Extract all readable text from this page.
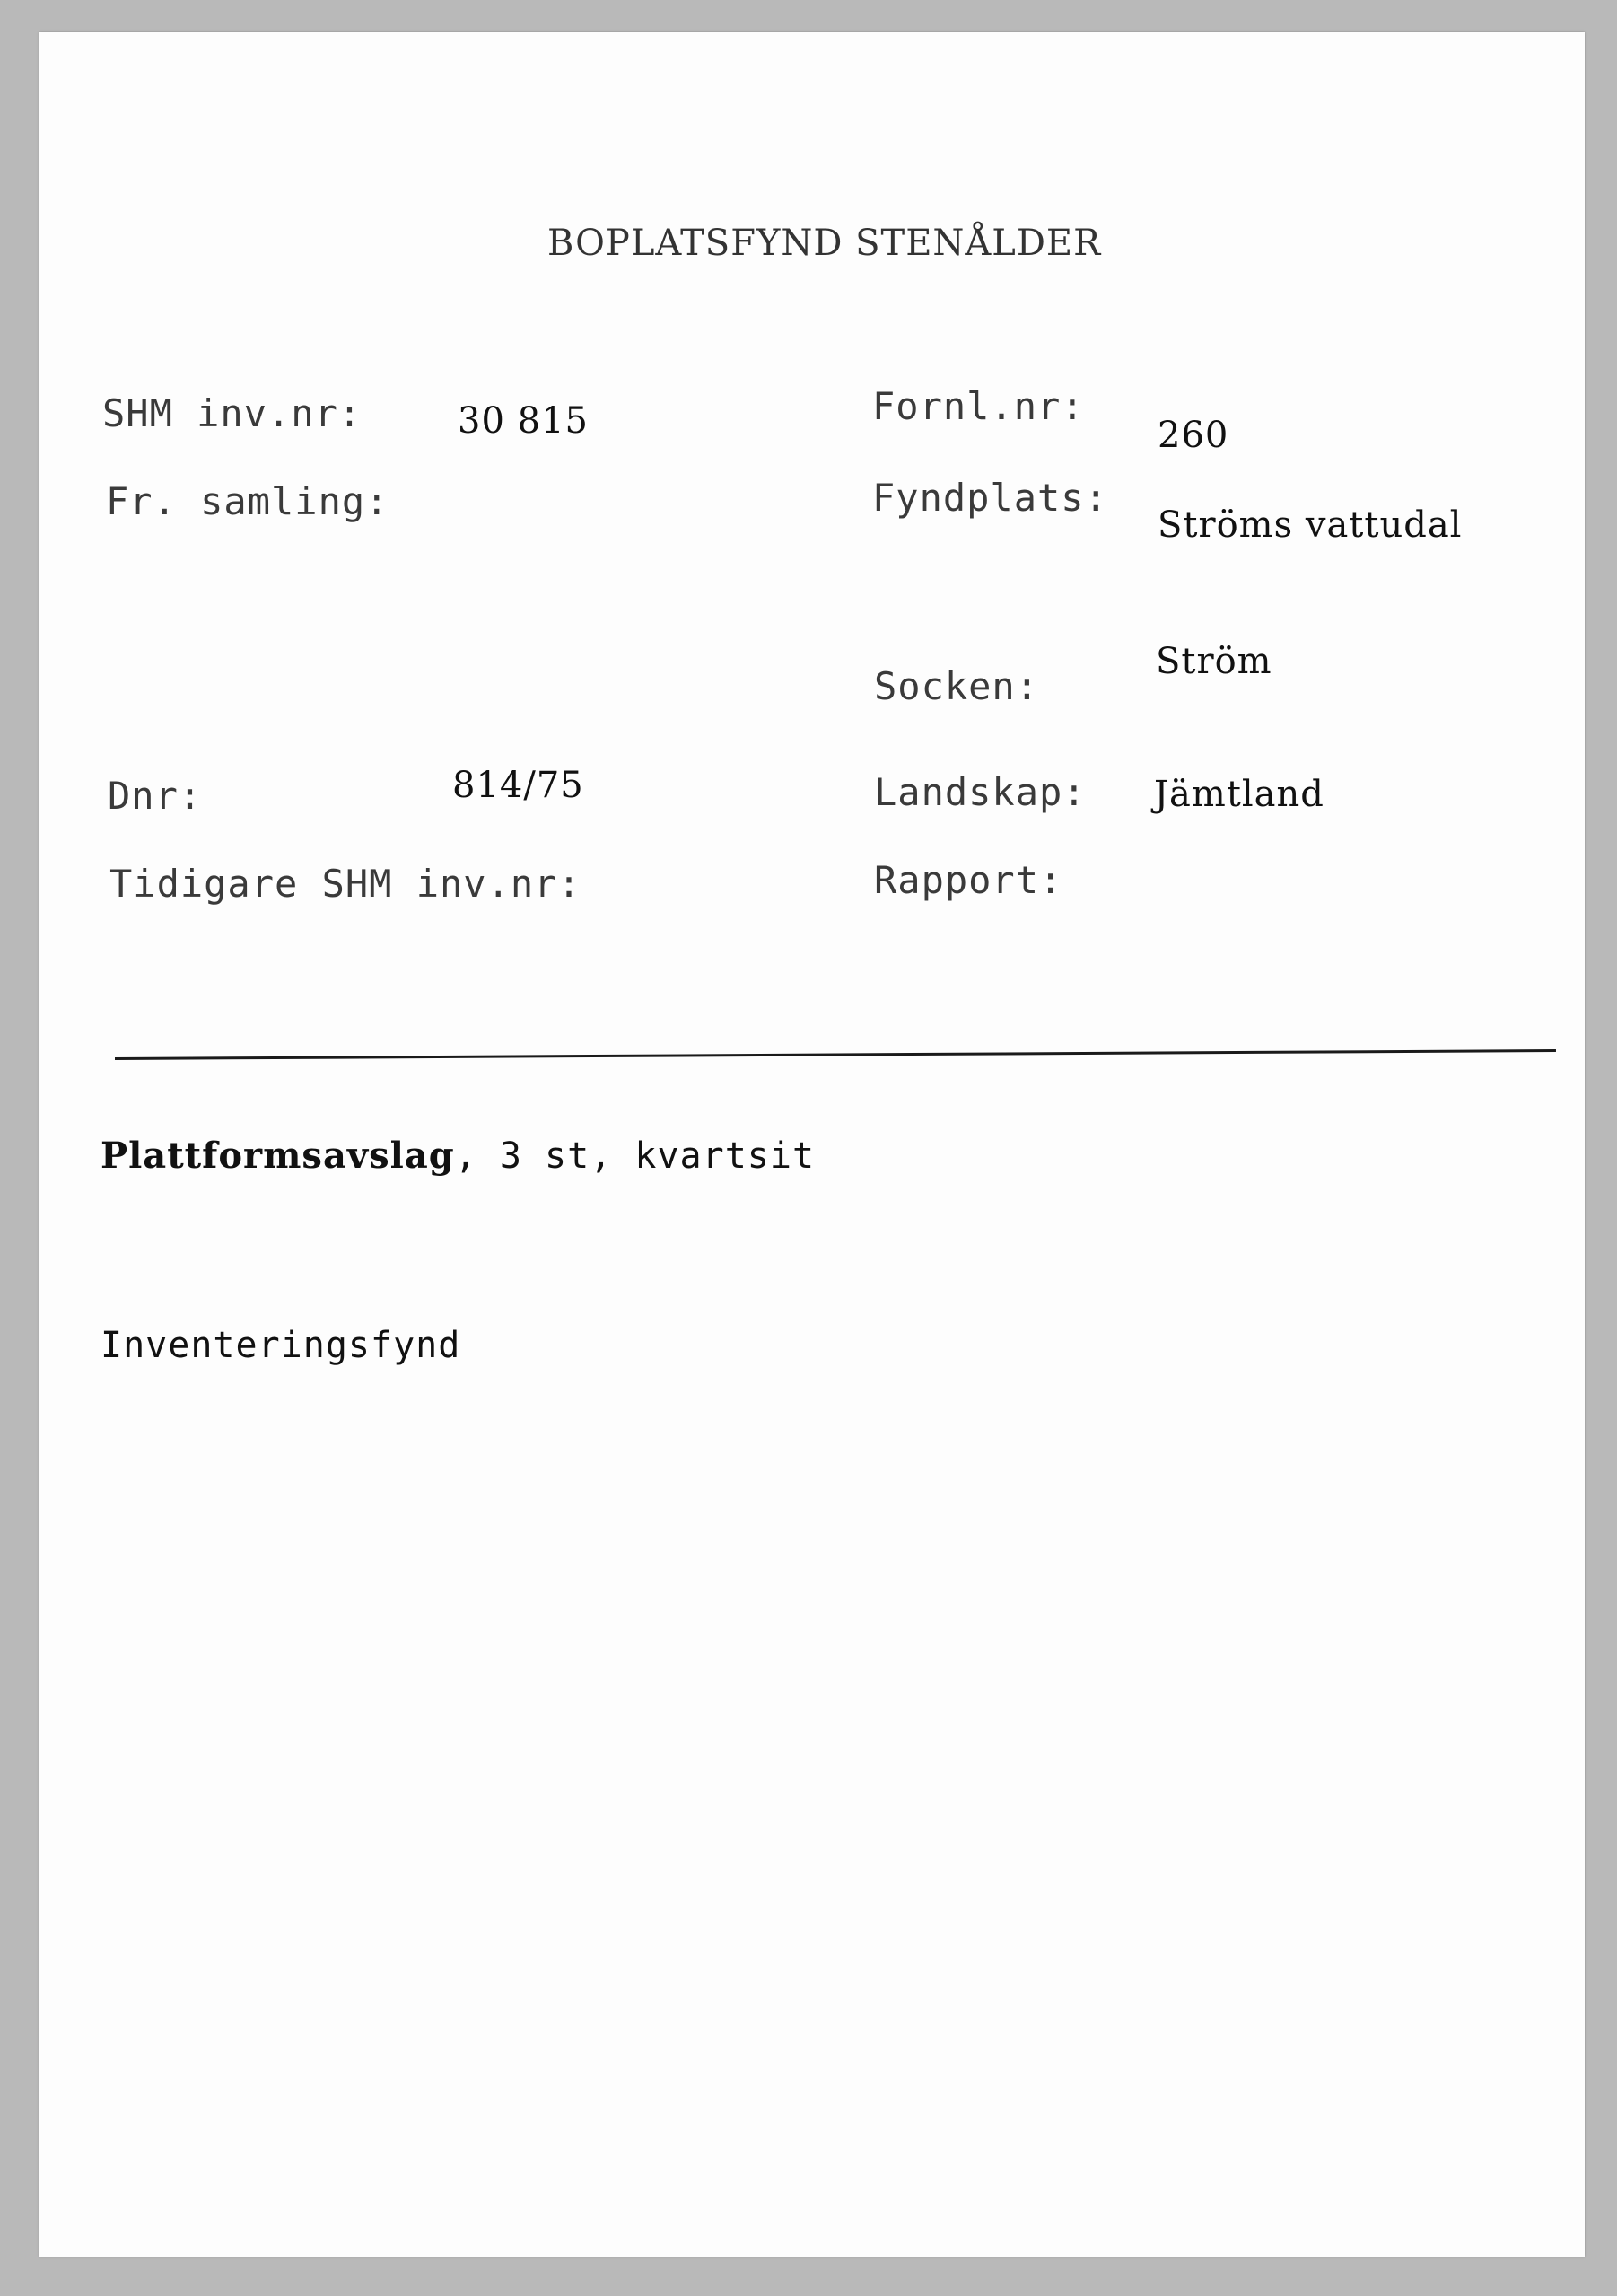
BOPLATSFYND STENÅLDER
SHM inv.nr:	30 815
Fr. samling:
Dnr:	814/75
Tidigare SHM inv.nr:
Fornl.nr:
260
Fyndplats:
Ströms vattudal
Socken:
Ström
Landskap: Jämtland
Rapport:
Plattformsavslag, 3 st, kvartsit
Inventeringsfynd
